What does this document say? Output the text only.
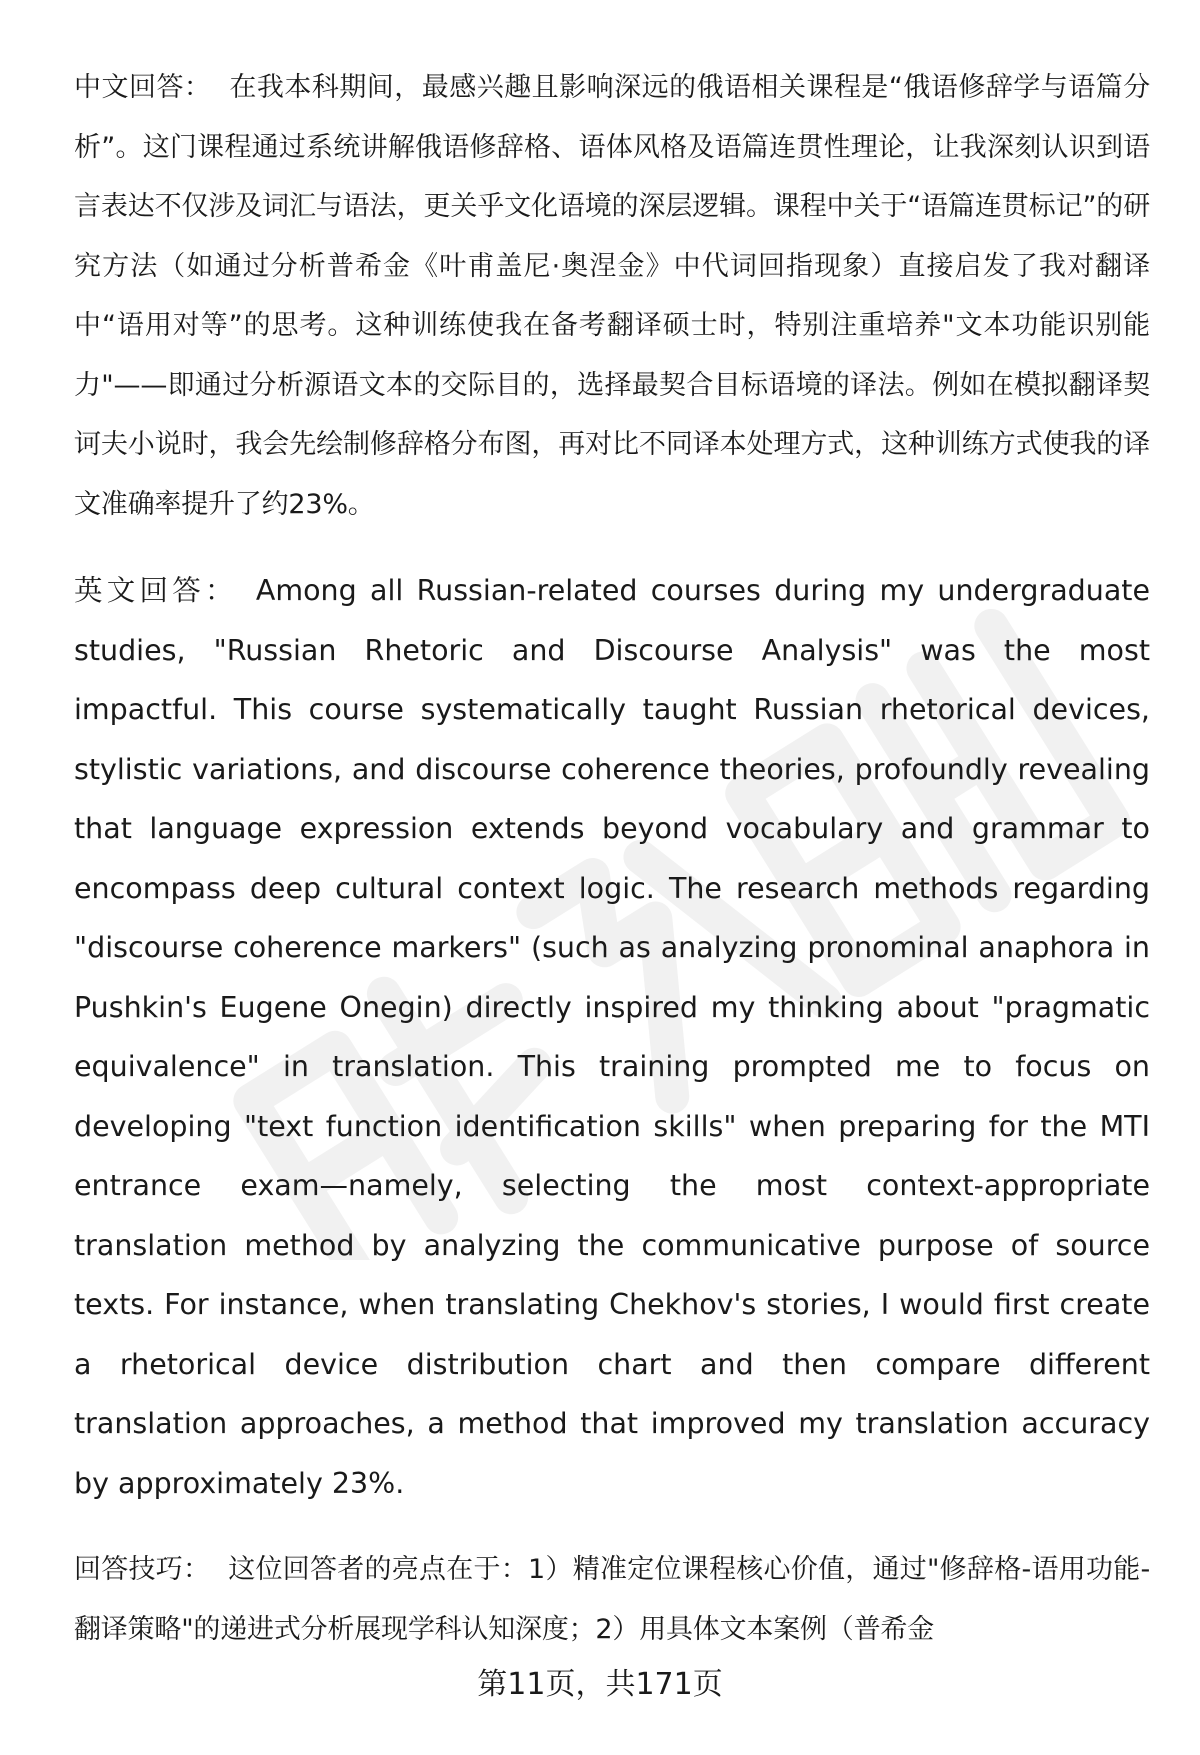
中文回答： 在我本科期间，最感兴趣且影响深远的俄语相关课程是“俄语修辞学与语篇分析”。这门课程通过系统讲解俄语修辞格、语体风格及语篇连贯性理论，让我深刻认识到语言表达不仅涉及词汇与语法，更关乎文化语境的深层逻辑。课程中关于“语篇连贯标记”的研究方法（如通过分析普希金《叶甫盖尼·奥涅金》中代词回指现象）直接启发了我对翻译中“语用对等”的思考。这种训练使我在备考翻译硕士时，特别注重培养"文本功能识别能力"——即通过分析源语文本的交际目的，选择最契合目标语境的译法。例如在模拟翻译契诃夫小说时，我会先绘制修辞格分布图，再对比不同译本处理方式，这种训练方式使我的译文准确率提升了约23%。

英文回答： Among all Russian-related courses during my undergraduate studies, "Russian Rhetoric and Discourse Analysis" was the most impactful. This course systematically taught Russian rhetorical devices, stylistic variations, and discourse coherence theories, profoundly revealing that language expression extends beyond vocabulary and grammar to encompass deep cultural context logic. The research methods regarding "discourse coherence markers" (such as analyzing pronominal anaphora in Pushkin's Eugene Onegin) directly inspired my thinking about "pragmatic equivalence" in translation. This training prompted me to focus on developing "text function identification skills" when preparing for the MTI entrance exam—namely, selecting the most context-appropriate translation method by analyzing the communicative purpose of source texts. For instance, when translating Chekhov's stories, I would first create a rhetorical device distribution chart and then compare different translation approaches, a method that improved my translation accuracy by approximately 23%.

回答技巧： 这位回答者的亮点在于：1）精准定位课程核心价值，通过"修辞格-语用功能-翻译策略"的递进式分析展现学科认知深度；2）用具体文本案例（普希金

第11页，共171页
